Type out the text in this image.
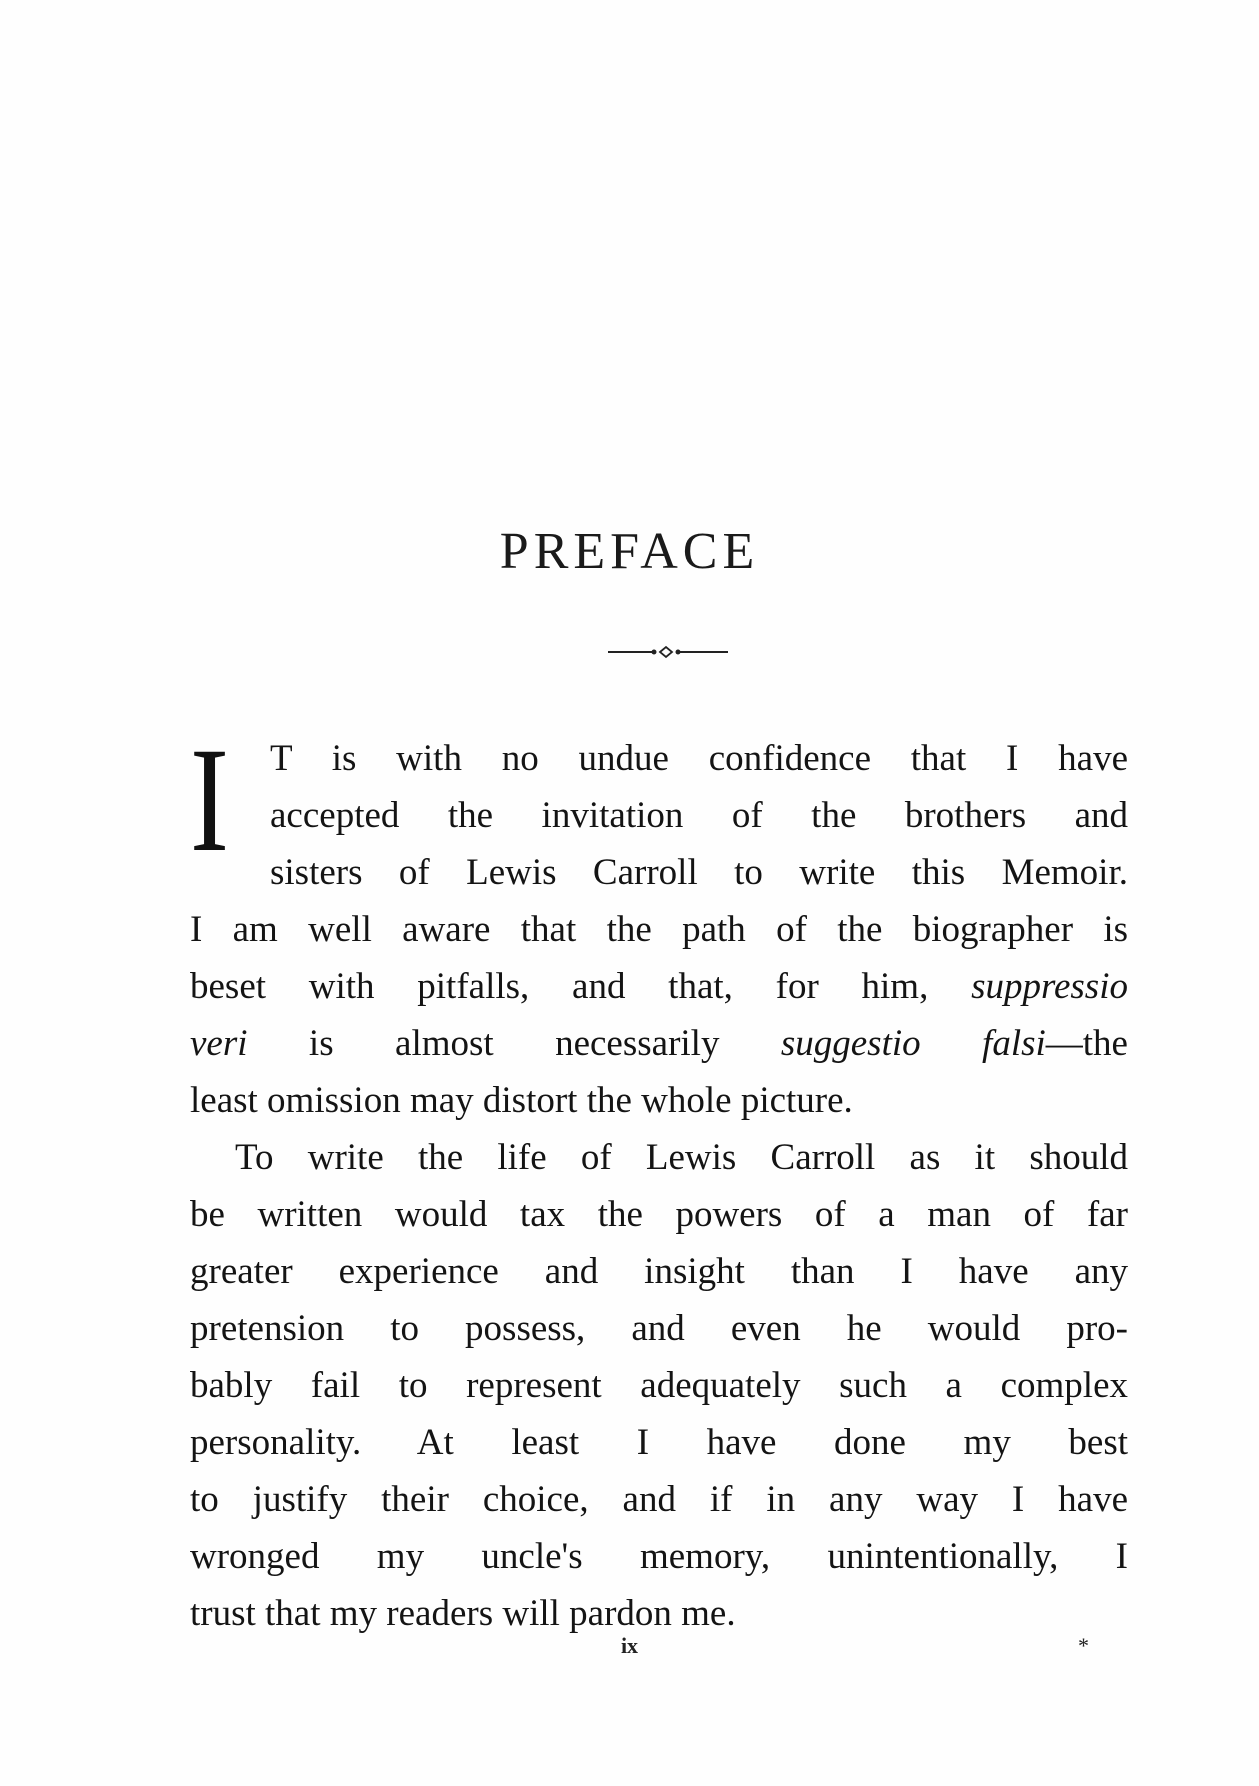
PREFACE
I	T is with no undue confidence that I have
accepted the invitation of the brothers and
sisters of Lewis Carroll to write this Memoir.
I am well aware that the path of the biographer is
beset with pitfalls, and that, for him, suppressio
veri is almost necessarily suggestio falsi—the
least omission may distort the whole picture.
To write the life of Lewis Carroll as it should
be written would tax the powers of a man of far
greater experience and insight than I have any
pretension to possess, and even he would pro-
bably fail to represent adequately such a complex
personality. At least I have done my best
to justify their choice, and if in any way I have
wronged my uncle's memory, unintentionally, I
trust that my readers will pardon me.
ix	*
